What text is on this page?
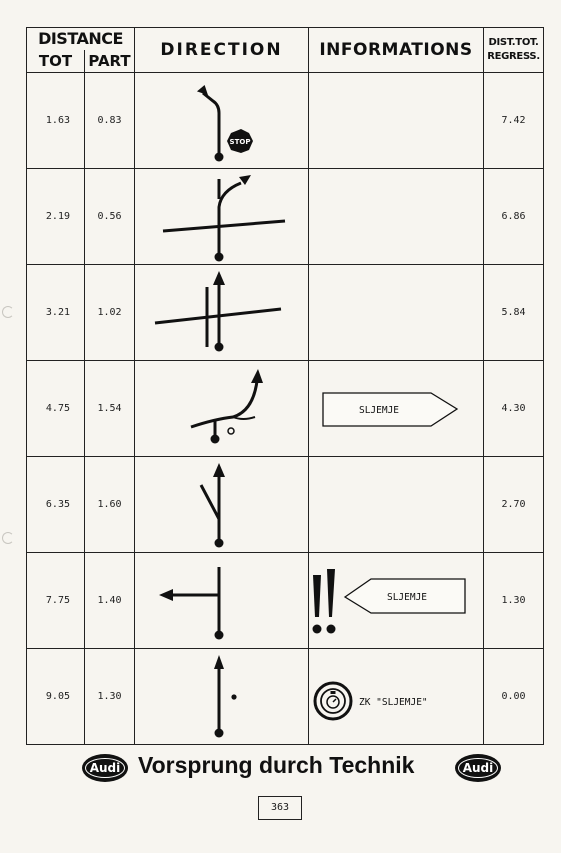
DISTANCE		DIRECTION	INFORMATIONS	DIST.TOT.
REGRESS.

TOT	PART			
1.63	0.83	STOP		7.42
2.19	0.56			6.86
3.21	1.02			5.84
4.75	1.54		SLJEMJE	4.30
6.35	1.60			2.70
7.75	1.40		SLJEMJE	1.30
9.05	1.30		ZK "SLJEMJE"	0.00
Audi Vorsprung durch Technik	Audi
363
